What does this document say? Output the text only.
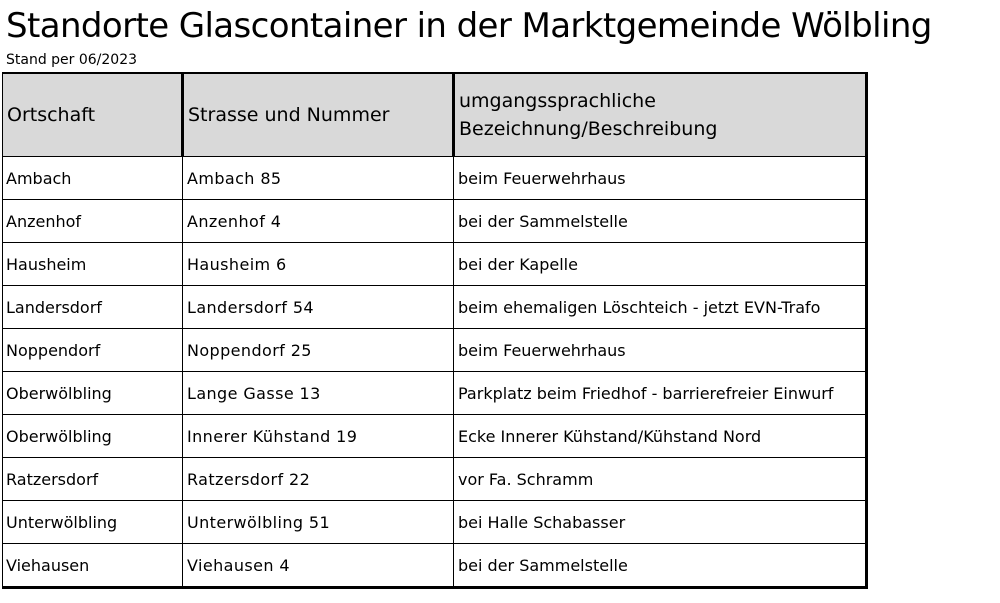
Standorte Glascontainer in der Marktgemeinde Wölbling
Stand per 06/2023
Ortschaft	Strasse und Nummer	umgangssprachliche Bezeichnung/Beschreibung
Ambach	Ambach 85	beim Feuerwehrhaus
Anzenhof	Anzenhof 4	bei der Sammelstelle
Hausheim	Hausheim 6	bei der Kapelle
Landersdorf	Landersdorf 54	beim ehemaligen Löschteich - jetzt EVN-Trafo
Noppendorf	Noppendorf 25	beim Feuerwehrhaus
Oberwölbling	Lange Gasse 13	Parkplatz beim Friedhof - barrierefreier Einwurf
Oberwölbling	Innerer Kühstand 19	Ecke Innerer Kühstand/Kühstand Nord
Ratzersdorf	Ratzersdorf 22	vor Fa. Schramm
Unterwölbling	Unterwölbling 51	bei Halle Schabasser
Viehausen	Viehausen 4	bei der Sammelstelle
